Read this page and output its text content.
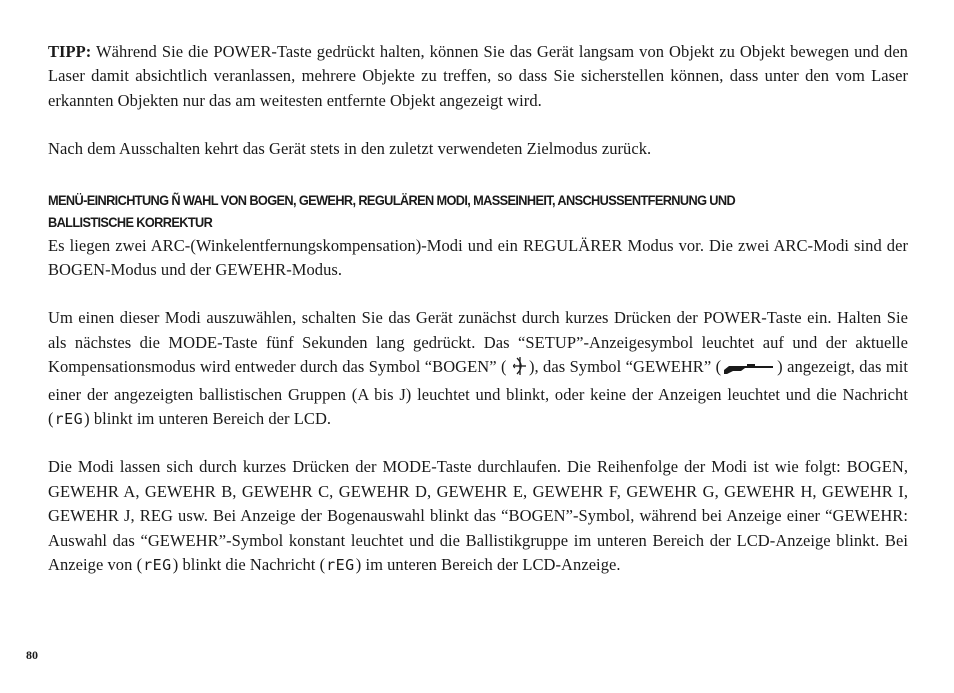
TIPP: Während Sie die POWER-Taste gedrückt halten, können Sie das Gerät langsam von Objekt zu Objekt bewegen und den Laser damit absichtlich veranlassen, mehrere Objekte zu treffen, so dass Sie sicherstellen können, dass unter den vom Laser erkannten Objekten nur das am weitesten entfernte Objekt angezeigt wird.

Nach dem Ausschalten kehrt das Gerät stets in den zuletzt verwendeten Zielmodus zurück.

MENÜ-EINRICHTUNG Ñ WAHL VON BOGEN, GEWEHR, REGULÄREN MODI, MASSEINHEIT, ANSCHUSSENTFERNUNG UND
BALLISTISCHE KORREKTUR

Es liegen zwei ARC-(Winkelentfernungskompensation)-Modi und ein REGULÄRER Modus vor. Die zwei ARC-Modi sind der BOGEN-Modus und der GEWEHR-Modus.

Um einen dieser Modi auszuwählen, schalten Sie das Gerät zunächst durch kurzes Drücken der POWER-Taste ein. Halten Sie als nächstes die MODE-Taste fünf Sekunden lang gedrückt. Das “SETUP”-Anzeigesymbol leuchtet auf und der aktuelle Kompensationsmodus wird entweder durch das Symbol “BOGEN” ( ), das Symbol “GEWEHR” (	) angezeigt, das mit einer der angezeigten ballistischen Gruppen (A bis J) leuchtet und blinkt, oder keine der Anzeigen leuchtet und die Nachricht (rEG) blinkt im unteren Bereich der LCD.

Die Modi lassen sich durch kurzes Drücken der MODE-Taste durchlaufen. Die Reihenfolge der Modi ist wie folgt: BOGEN, GEWEHR A, GEWEHR B, GEWEHR C, GEWEHR D, GEWEHR E, GEWEHR F, GEWEHR G, GEWEHR H, GEWEHR I, GEWEHR J, REG usw. Bei Anzeige der Bogenauswahl blinkt das “BOGEN”-Symbol, während bei Anzeige einer “GEWEHR: Auswahl das “GEWEHR”-Symbol konstant leuchtet und die Ballistikgruppe im unteren Bereich der LCD-Anzeige blinkt. Bei Anzeige von (rEG) blinkt die Nachricht (rEG) im unteren Bereich der LCD-Anzeige.

80
